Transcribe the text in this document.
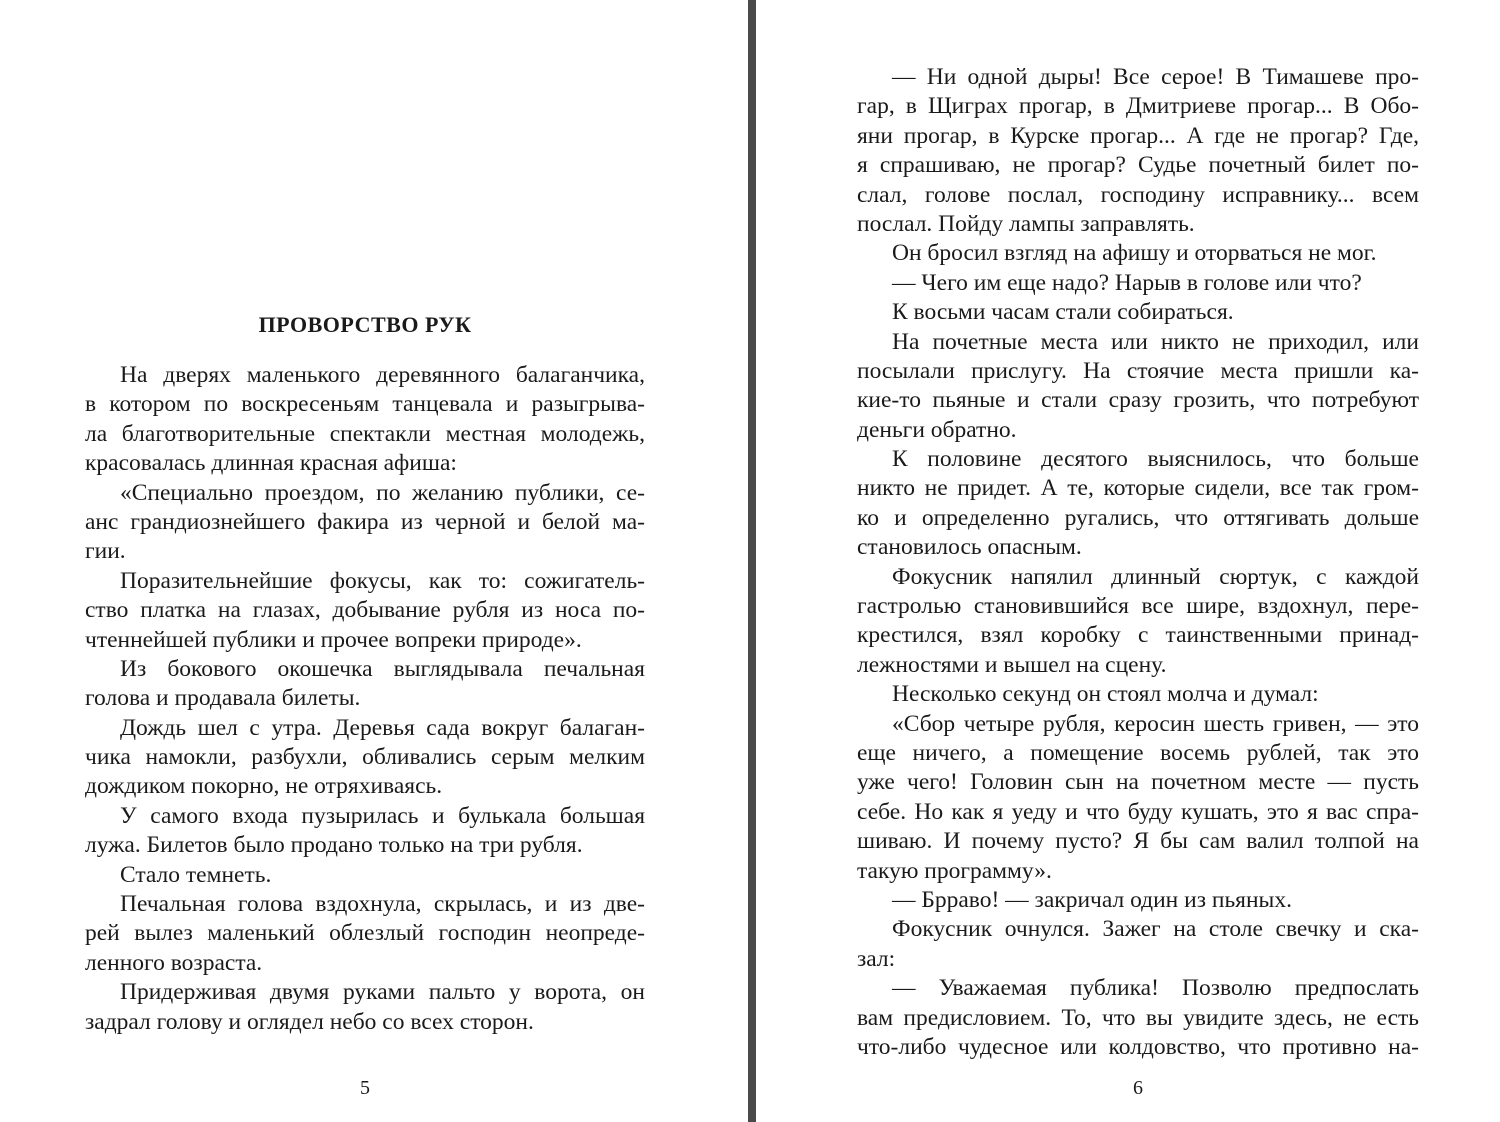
ПРОВОРСТВО РУК
На дверях маленького деревянного балаганчика,
в котором по воскресеньям танцевала и разыгрыва-
ла благотворительные спектакли местная молодежь,
красовалась длинная красная афиша:
«Специально проездом, по желанию публики, се-
анс грандиознейшего факира из черной и белой ма-
гии.
Поразительнейшие фокусы, как то: сожигатель-
ство платка на глазах, добывание рубля из носа по-
чтеннейшей публики и прочее вопреки природе».
Из бокового окошечка выглядывала печальная
голова и продавала билеты.
Дождь шел с утра. Деревья сада вокруг балаган-
чика намокли, разбухли, обливались серым мелким
дождиком покорно, не отряхиваясь.
У самого входа пузырилась и булькала большая
лужа. Билетов было продано только на три рубля.
Стало темнеть.
Печальная голова вздохнула, скрылась, и из две-
рей вылез маленький облезлый господин неопреде-
ленного возраста.
Придерживая двумя руками пальто у ворота, он
задрал голову и оглядел небо со всех сторон.
5
— Ни одной дыры! Все серое! В Тимашеве про-
гар, в Щиграх прогар, в Дмитриеве прогар... В Обо-
яни прогар, в Курске прогар... А где не прогар? Где,
я спрашиваю, не прогар? Судье почетный билет по-
слал, голове послал, господину исправнику... всем
послал. Пойду лампы заправлять.
Он бросил взгляд на афишу и оторваться не мог.
— Чего им еще надо? Нарыв в голове или что?
К восьми часам стали собираться.
На почетные места или никто не приходил, или
посылали прислугу. На стоячие места пришли ка-
кие-то пьяные и стали сразу грозить, что потребуют
деньги обратно.
К половине десятого выяснилось, что больше
никто не придет. А те, которые сидели, все так гром-
ко и определенно ругались, что оттягивать дольше
становилось опасным.
Фокусник напялил длинный сюртук, с каждой
гастролью становившийся все шире, вздохнул, пере-
крестился, взял коробку с таинственными принад-
лежностями и вышел на сцену.
Несколько секунд он стоял молча и думал:
«Сбор четыре рубля, керосин шесть гривен, — это
еще ничего, а помещение восемь рублей, так это
уже чего! Головин сын на почетном месте — пусть
себе. Но как я уеду и что буду кушать, это я вас спра-
шиваю. И почему пусто? Я бы сам валил толпой на
такую программу».
— Брраво! — закричал один из пьяных.
Фокусник очнулся. Зажег на столе свечку и ска-
зал:
— Уважаемая публика! Позволю предпослать
вам предисловием. То, что вы увидите здесь, не есть
что-либо чудесное или колдовство, что противно на-
6
